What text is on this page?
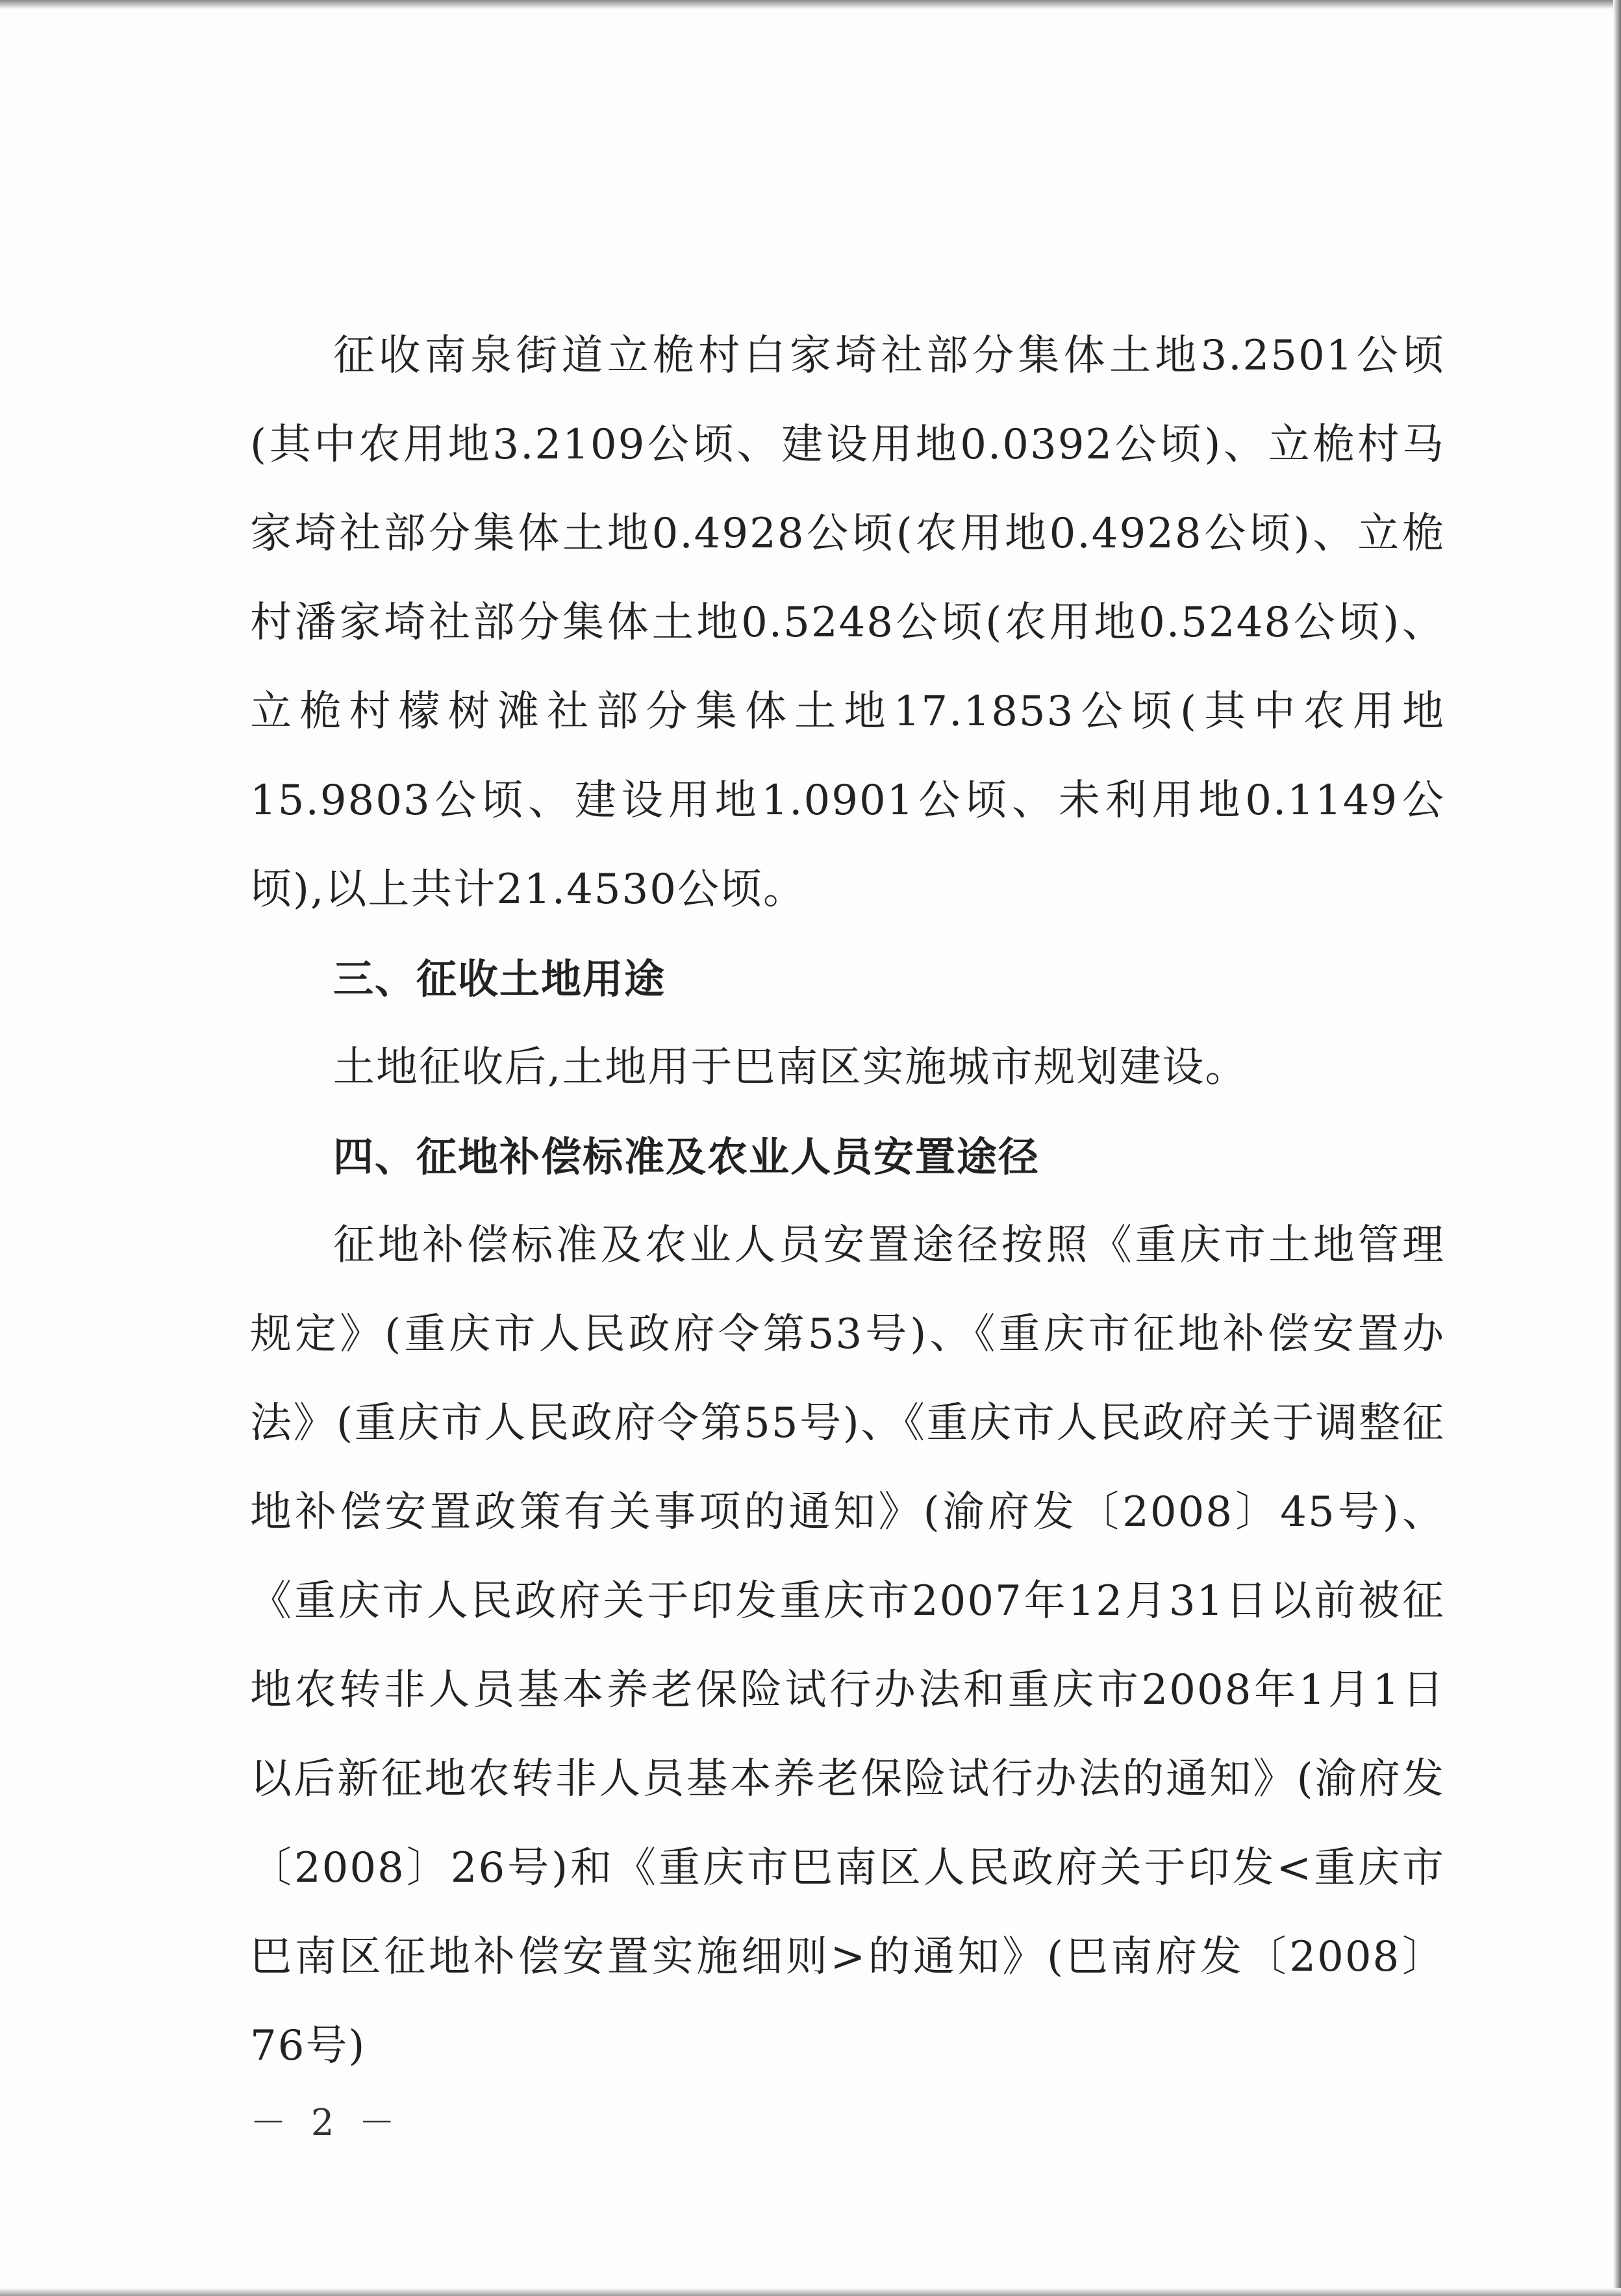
征收南泉街道立桅村白家埼社部分集体土地3.2501公顷(其中农用地3.2109公顷、建设用地0.0392公顷)、立桅村马家埼社部分集体土地0.4928公顷(农用地0.4928公顷)、立桅村潘家埼社部分集体土地0.5248公顷(农用地0.5248公顷)、立桅村檬树滩社部分集体土地17.1853公顷(其中农用地15.9803公顷、建设用地1.0901公顷、未利用地0.1149公顷),以上共计21.4530公顷。

三、征收土地用途

土地征收后,土地用于巴南区实施城市规划建设。

四、征地补偿标准及农业人员安置途径

征地补偿标准及农业人员安置途径按照《重庆市土地管理规定》(重庆市人民政府令第53号)、《重庆市征地补偿安置办法》(重庆市人民政府令第55号)、《重庆市人民政府关于调整征地补偿安置政策有关事项的通知》(渝府发〔2008〕45号)、《重庆市人民政府关于印发重庆市2007年12月31日以前被征地农转非人员基本养老保险试行办法和重庆市2008年1月1日以后新征地农转非人员基本养老保险试行办法的通知》(渝府发〔2008〕26号)和《重庆市巴南区人民政府关于印发<重庆市巴南区征地补偿安置实施细则>的通知》(巴南府发〔2008〕76号)

－ 2 －
